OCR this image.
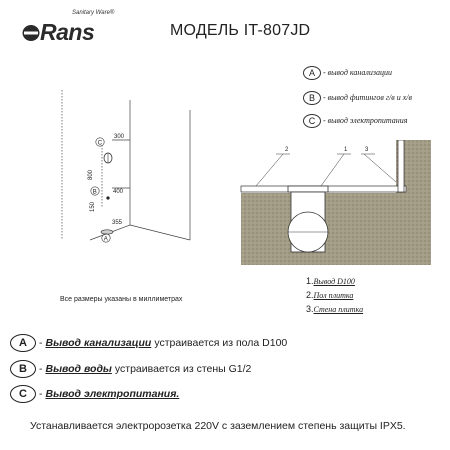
Rans
Sanitary Ware®
МОДЕЛЬ IT-807JD
A - вывод канализации
B - вывод фитингов г/в и х/в
C - вывод электропитания
300
800
400
150
355
C
B
A
Все размеры указаны в миллиметрах
2	1	3
1.Вывод D100
2.Пол плитка
3.Стена плитка
A	- Вывод канализации устраивается из пола D100
B	- Вывод воды устраивается из стены G1/2
C	- Вывод электропитания.
Устанавливается электророзетка 220V с заземлением степень защиты IPX5.
